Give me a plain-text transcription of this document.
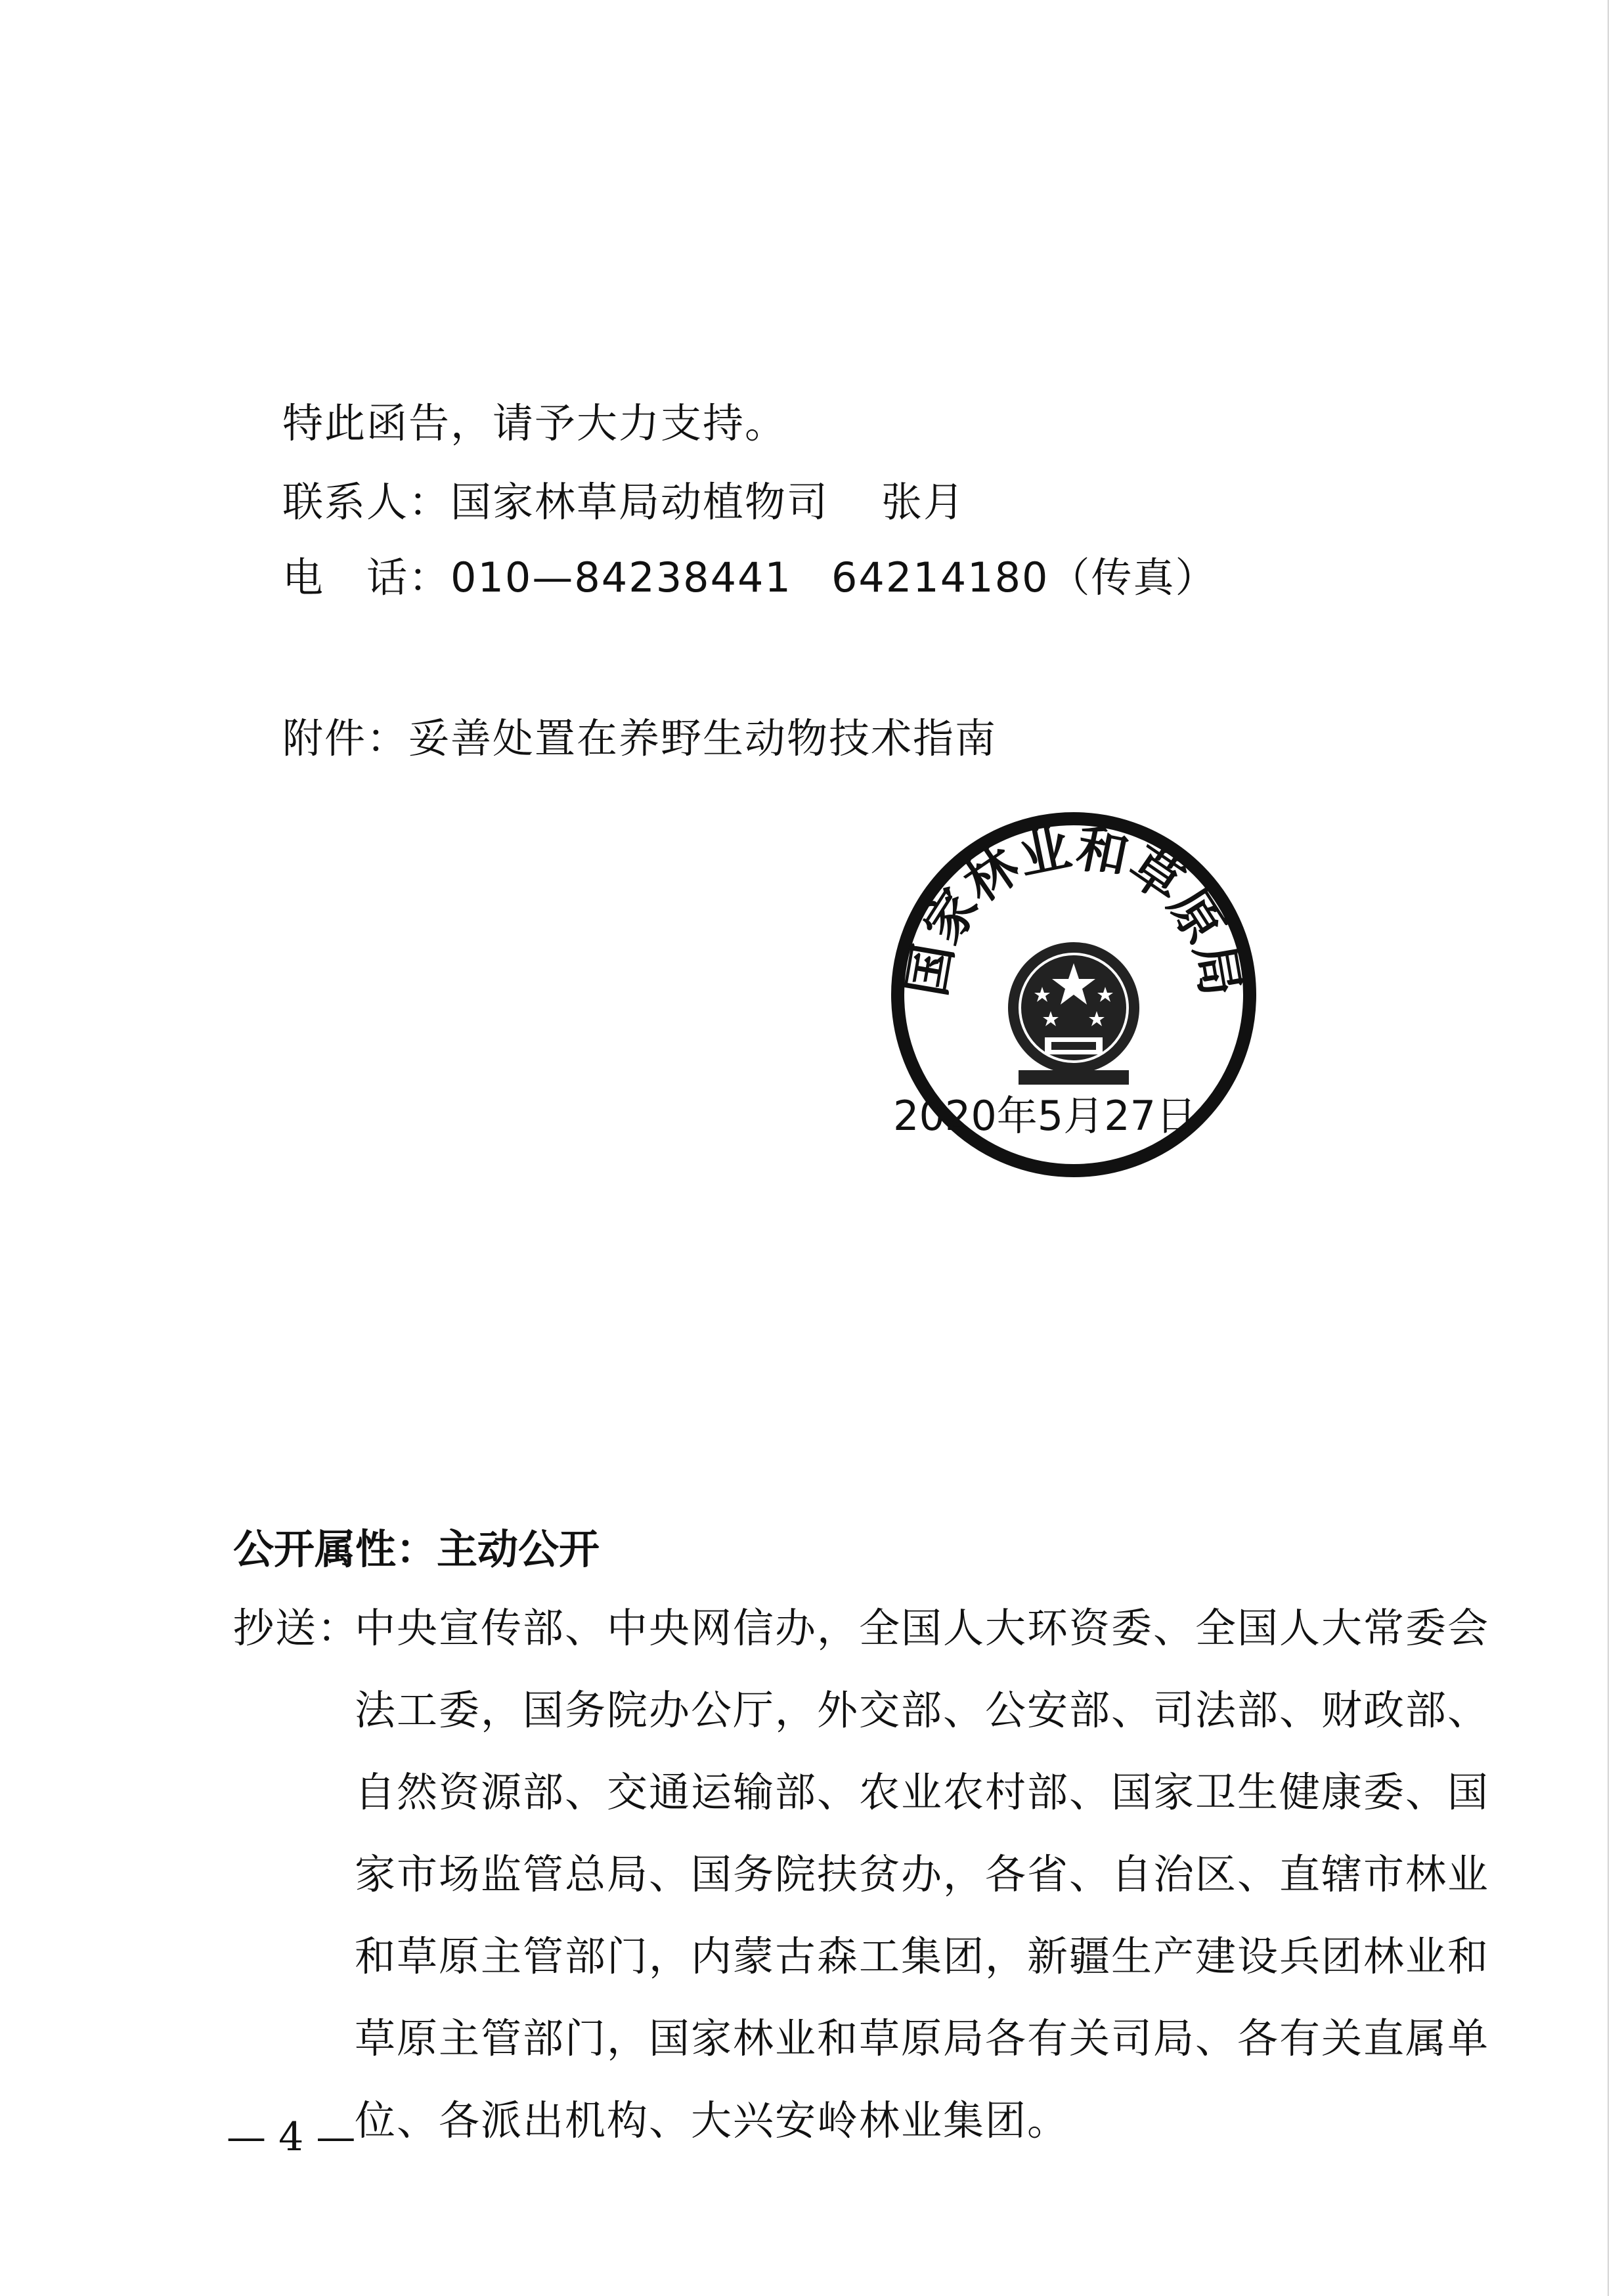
特此函告，请予大力支持。

联系人：国家林草局动植物司 张月

电　话：010—84238441 64214180（传真）

附件：妥善处置在养野生动物技术指南

国家林业和草原局

2020年5月27日

公开属性：主动公开

抄送：

中央宣传部、中央网信办，全国人大环资委、全国人大常委会

法工委，国务院办公厅，外交部、公安部、司法部、财政部、

自然资源部、交通运输部、农业农村部、国家卫生健康委、国

家市场监管总局、国务院扶贫办，各省、自治区、直辖市林业

和草原主管部门，内蒙古森工集团，新疆生产建设兵团林业和

草原主管部门，国家林业和草原局各有关司局、各有关直属单

位、各派出机构、大兴安岭林业集团。

— 4 —
